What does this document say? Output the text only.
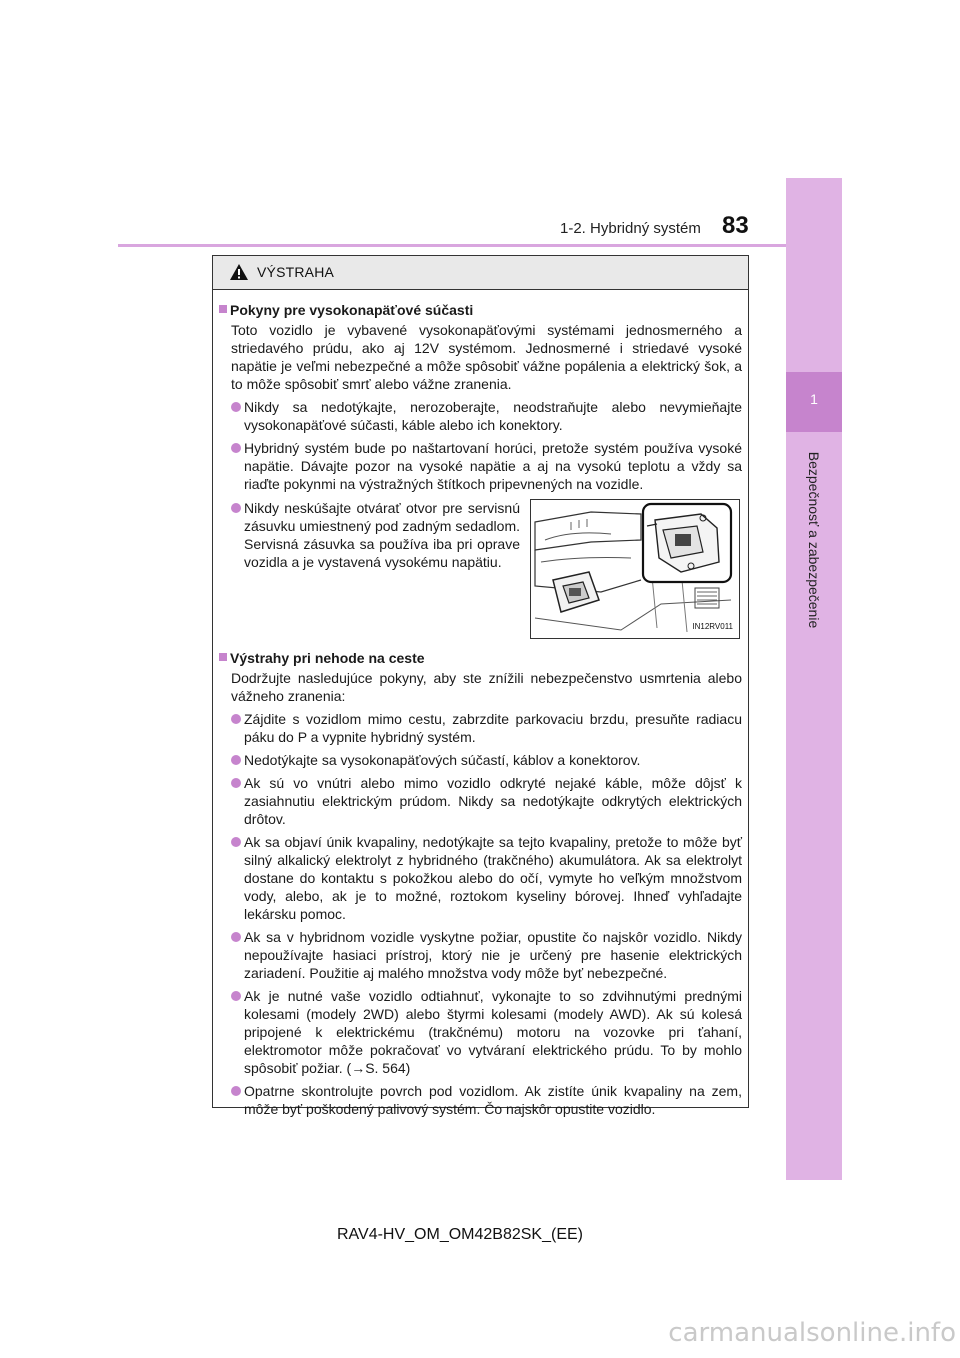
1-2. Hybridný systém 83
1
Bezpečnosť a zabezpečenie
VÝSTRAHA
Pokyny pre vysokonapäťové súčasti
Toto vozidlo je vybavené vysokonapäťovými systémami jednosmerného a striedavého prúdu, ako aj 12V systémom. Jednosmerné i striedavé vysoké napätie je veľmi nebezpečné a môže spôsobiť vážne popálenia a elektrický šok, a to môže spôsobiť smrť alebo vážne zranenia.
Nikdy sa nedotýkajte, nerozoberajte, neodstraňujte alebo nevymieňajte vysokonapäťové súčasti, káble alebo ich konektory.
Hybridný systém bude po naštartovaní horúci, pretože systém používa vysoké napätie. Dávajte pozor na vysoké napätie a aj na vysokú teplotu a vždy sa riaďte pokynmi na výstražných štítkoch pripevnených na vozidle.
Nikdy neskúšajte otvárať otvor pre servisnú zásuvku umiestnený pod zadným sedadlom. Servisná zásuvka sa používa iba pri oprave vozidla a je vystavená vysokému napätiu.
IN12RV011
Výstrahy pri nehode na ceste
Dodržujte nasledujúce pokyny, aby ste znížili nebezpečenstvo usmrtenia alebo vážneho zranenia:
Zájdite s vozidlom mimo cestu, zabrzdite parkovaciu brzdu, presuňte radiacu páku do P a vypnite hybridný systém.
Nedotýkajte sa vysokonapäťových súčastí, káblov a konektorov.
Ak sú vo vnútri alebo mimo vozidlo odkryté nejaké káble, môže dôjsť k zasiahnutiu elektrickým prúdom. Nikdy sa nedotýkajte odkrytých elektrických drôtov.
Ak sa objaví únik kvapaliny, nedotýkajte sa tejto kvapaliny, pretože to môže byť silný alkalický elektrolyt z hybridného (trakčného) akumulátora. Ak sa elektrolyt dostane do kontaktu s pokožkou alebo do očí, vymyte ho veľkým množstvom vody, alebo, ak je to možné, roztokom kyseliny bórovej. Ihneď vyhľadajte lekársku pomoc.
Ak sa v hybridnom vozidle vyskytne požiar, opustite čo najskôr vozidlo. Nikdy nepoužívajte hasiaci prístroj, ktorý nie je určený pre hasenie elektrických zariadení. Použitie aj malého množstva vody môže byť nebezpečné.
Ak je nutné vaše vozidlo odtiahnuť, vykonajte to so zdvihnutými prednými kolesami (modely 2WD) alebo štyrmi kolesami (modely AWD). Ak sú kolesá pripojené k elektrickému (trakčnému) motoru na vozovke pri ťahaní, elektromotor môže pokračovať vo vytváraní elektrického prúdu. To by mohlo spôsobiť požiar. (→S. 564)
Opatrne skontrolujte povrch pod vozidlom. Ak zistíte únik kvapaliny na zem, môže byť poškodený palivový systém. Čo najskôr opustite vozidlo.
RAV4-HV_OM_OM42B82SK_(EE)
carmanualsonline.info
